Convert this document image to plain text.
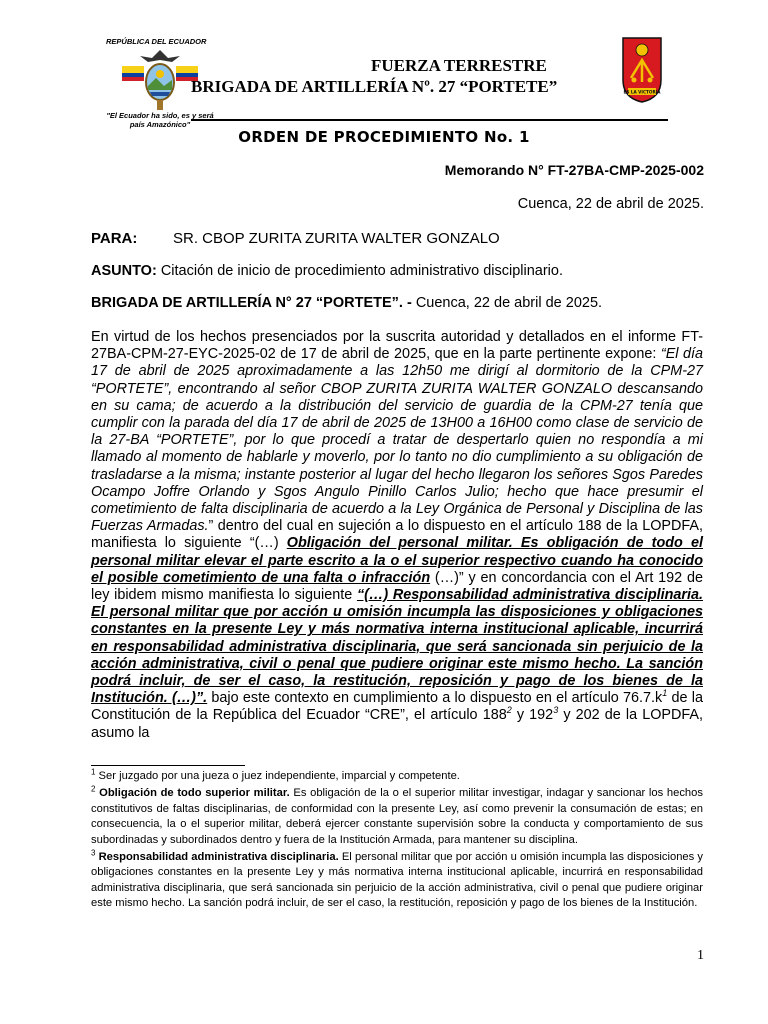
REPÚBLICA DEL ECUADOR
"El Ecuador ha sido, es y será país Amazónico"
FUERZA TERRESTRE
BRIGADA DE ARTILLERÍA Nº. 27 “PORTETE”	ES LA VICTORIA
ORDEN DE PROCEDIMIENTO No. 1
Memorando N° FT-27BA-CMP-2025-002
Cuenca, 22 de abril de 2025.
PARA: SR. CBOP ZURITA ZURITA WALTER GONZALO
ASUNTO: Citación de inicio de procedimiento administrativo disciplinario.
BRIGADA DE ARTILLERÍA N° 27 “PORTETE”. - Cuenca, 22 de abril de 2025.

En virtud de los hechos presenciados por la suscrita autoridad y detallados en el informe FT-27BA-CPM-27-EYC-2025-02 de 17 de abril de 2025, que en la parte pertinente expone: “El día 17 de abril de 2025 aproximadamente a las 12h50 me dirigí al dormitorio de la CPM-27 “PORTETE”, encontrando al señor CBOP ZURITA ZURITA WALTER GONZALO descansando en su cama; de acuerdo a la distribución del servicio de guardia de la CPM-27 tenía que cumplir con la parada del día 17 de abril de 2025 de 13H00 a 16H00 como clase de servicio de la 27-BA “PORTETE”, por lo que procedí a tratar de despertarlo quien no respondía a mi llamado al momento de hablarle y moverlo, por lo tanto no dio cumplimiento a su obligación de trasladarse a la misma; instante posterior al lugar del hecho llegaron los señores Sgos Paredes Ocampo Joffre Orlando y Sgos Angulo Pinillo Carlos Julio; hecho que hace presumir el cometimiento de falta disciplinaria de acuerdo a la Ley Orgánica de Personal y Disciplina de las Fuerzas Armadas.” dentro del cual en sujeción a lo dispuesto en el artículo 188 de la LOPDFA, manifiesta lo siguiente “(…) Obligación del personal militar. Es obligación de todo el personal militar elevar el parte escrito a la o el superior respectivo cuando ha conocido el posible cometimiento de una falta o infracción (…)” y en concordancia con el Art 192 de ley ibidem mismo manifiesta lo siguiente “(…) Responsabilidad administrativa disciplinaria. El personal militar que por acción u omisión incumpla las disposiciones y obligaciones constantes en la presente Ley y más normativa interna institucional aplicable, incurrirá en responsabilidad administrativa disciplinaria, que será sancionada sin perjuicio de la acción administrativa, civil o penal que pudiere originar este mismo hecho. La sanción podrá incluir, de ser el caso, la restitución, reposición y pago de los bienes de la Institución. (…)”. bajo este contexto en cumplimiento a lo dispuesto en el artículo $76.7.k^1$ de la Constitución de la República del Ecuador “CRE”, el artículo $188^2$ y $192^3$ y 202 de la LOPDFA, asumo la

$^1$ Ser juzgado por una jueza o juez independiente, imparcial y competente.

$^2$ Obligación de todo superior militar. Es obligación de la o el superior militar investigar, indagar y sancionar los hechos constitutivos de faltas disciplinarias, de conformidad con la presente Ley, así como prevenir la consumación de estas; en consecuencia, la o el superior militar, deberá ejercer constante supervisión sobre la conducta y comportamiento de sus subordinadas y subordinados dentro y fuera de la Institución Armada, para mantener su disciplina.

$^3$ Responsabilidad administrativa disciplinaria. El personal militar que por acción u omisión incumpla las disposiciones y obligaciones constantes en la presente Ley y más normativa interna institucional aplicable, incurrirá en responsabilidad administrativa disciplinaria, que será sancionada sin perjuicio de la acción administrativa, civil o penal que pudiere originar este mismo hecho. La sanción podrá incluir, de ser el caso, la restitución, reposición y pago de los bienes de la Institución.

1
